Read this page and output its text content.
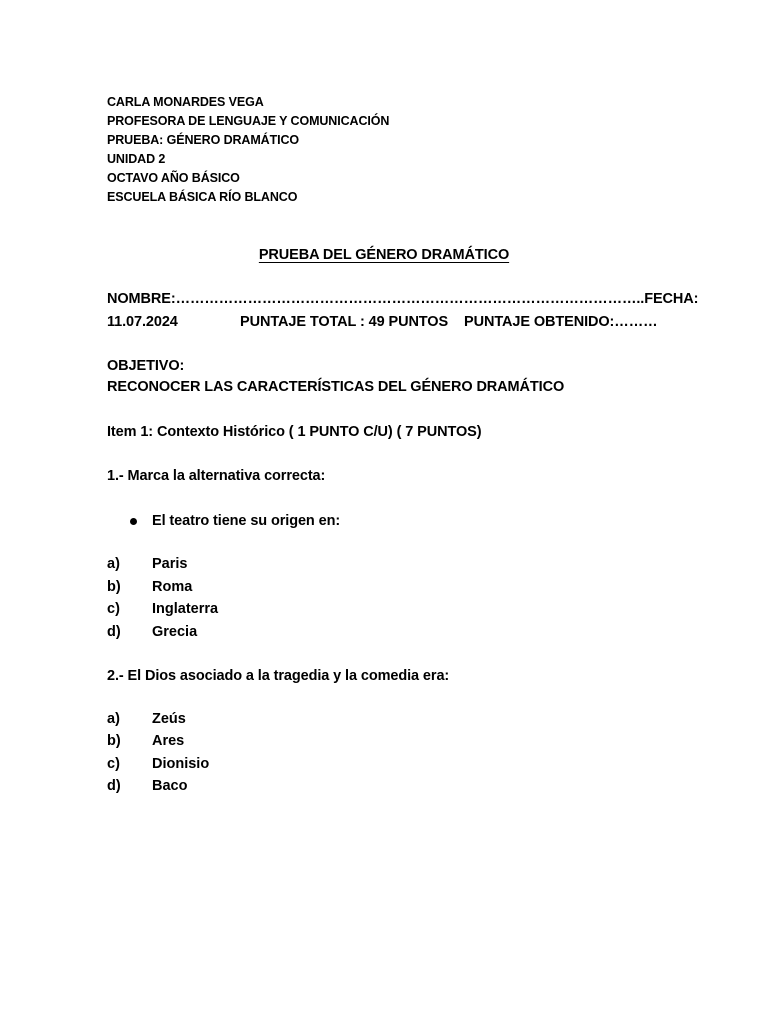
CARLA MONARDES VEGA
PROFESORA DE LENGUAJE Y COMUNICACIÓN
PRUEBA: GÉNERO DRAMÁTICO
UNIDAD 2
OCTAVO AÑO BÁSICO
ESCUELA BÁSICA RÍO BLANCO
PRUEBA DEL GÉNERO DRAMÁTICO
NOMBRE:……………………………………………………………………………………..FECHA:
11.07.2024	PUNTAJE TOTAL : 49 PUNTOS PUNTAJE OBTENIDO:………
OBJETIVO:
RECONOCER LAS CARACTERÍSTICAS DEL GÉNERO DRAMÁTICO
Item 1: Contexto Histórico ( 1 PUNTO C/U) ( 7 PUNTOS)
1.- Marca la alternativa correcta:
El teatro tiene su origen en:
a) Paris
b) Roma
c) Inglaterra
d) Grecia
2.- El Dios asociado a la tragedia y la comedia era:
a) Zeús
b) Ares
c) Dionisio
d) Baco
